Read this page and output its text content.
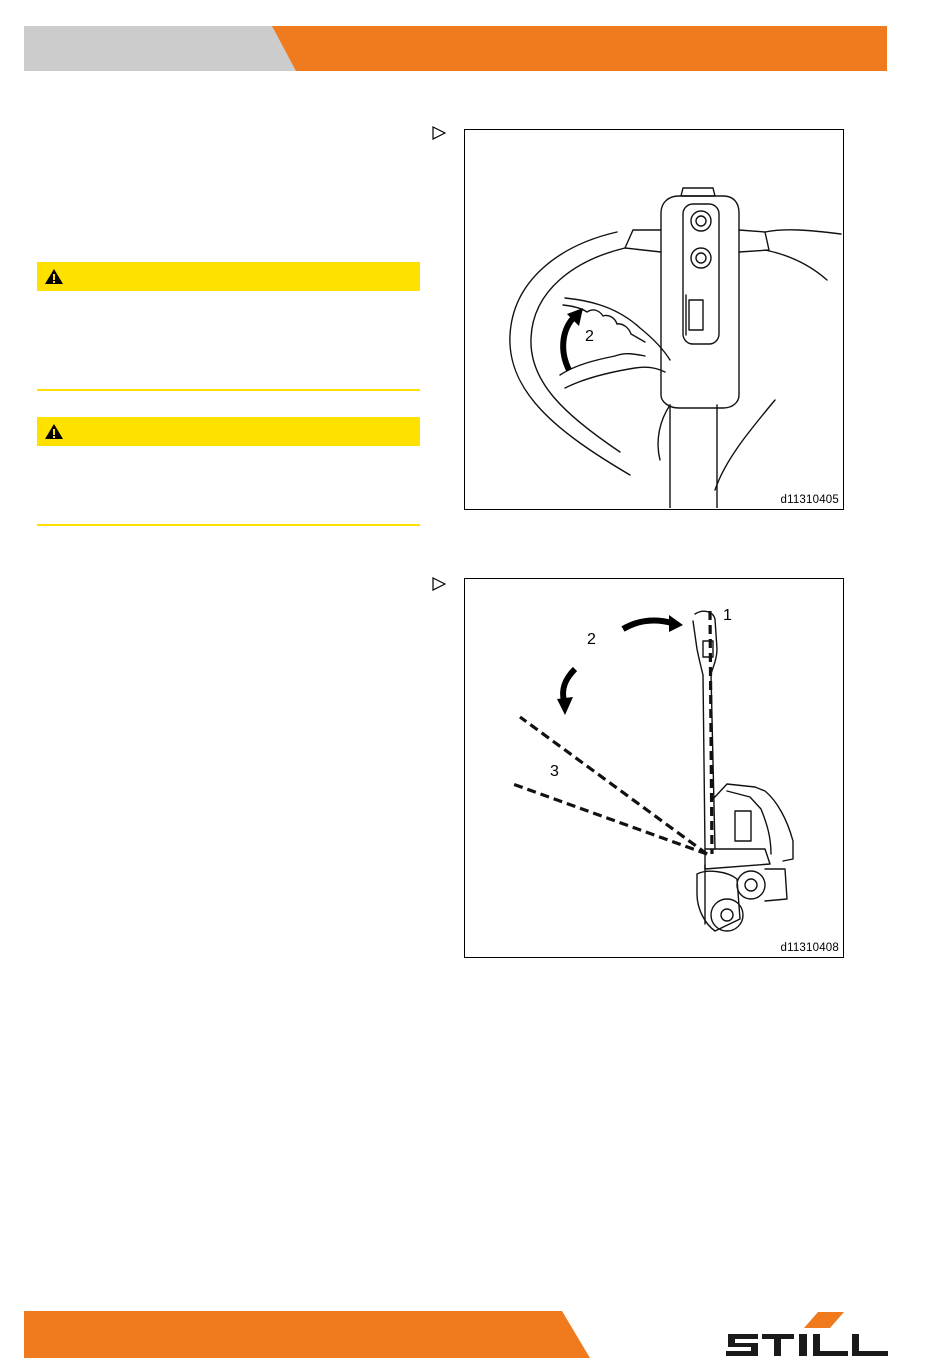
2
d11310405
1
2
3
d11310408
